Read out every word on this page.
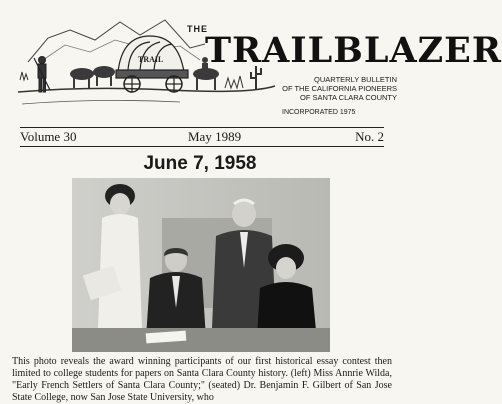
TRAIL
THE
TRAILBLAZER
QUARTERLY BULLETIN
OF THE CALIFORNIA PIONEERS
OF SANTA CLARA COUNTY
INCORPORATED 1975
Volume 30	May 1989	No. 2
June 7, 1958
This photo reveals the award winning participants of our first historical essay contest then limited to college students for papers on Santa Clara County history. (left) Miss Annrie Wilda, "Early French Settlers of Santa Clara County;" (seated) Dr. Benjamin F. Gilbert of San Jose State College, now San Jose State University, who
